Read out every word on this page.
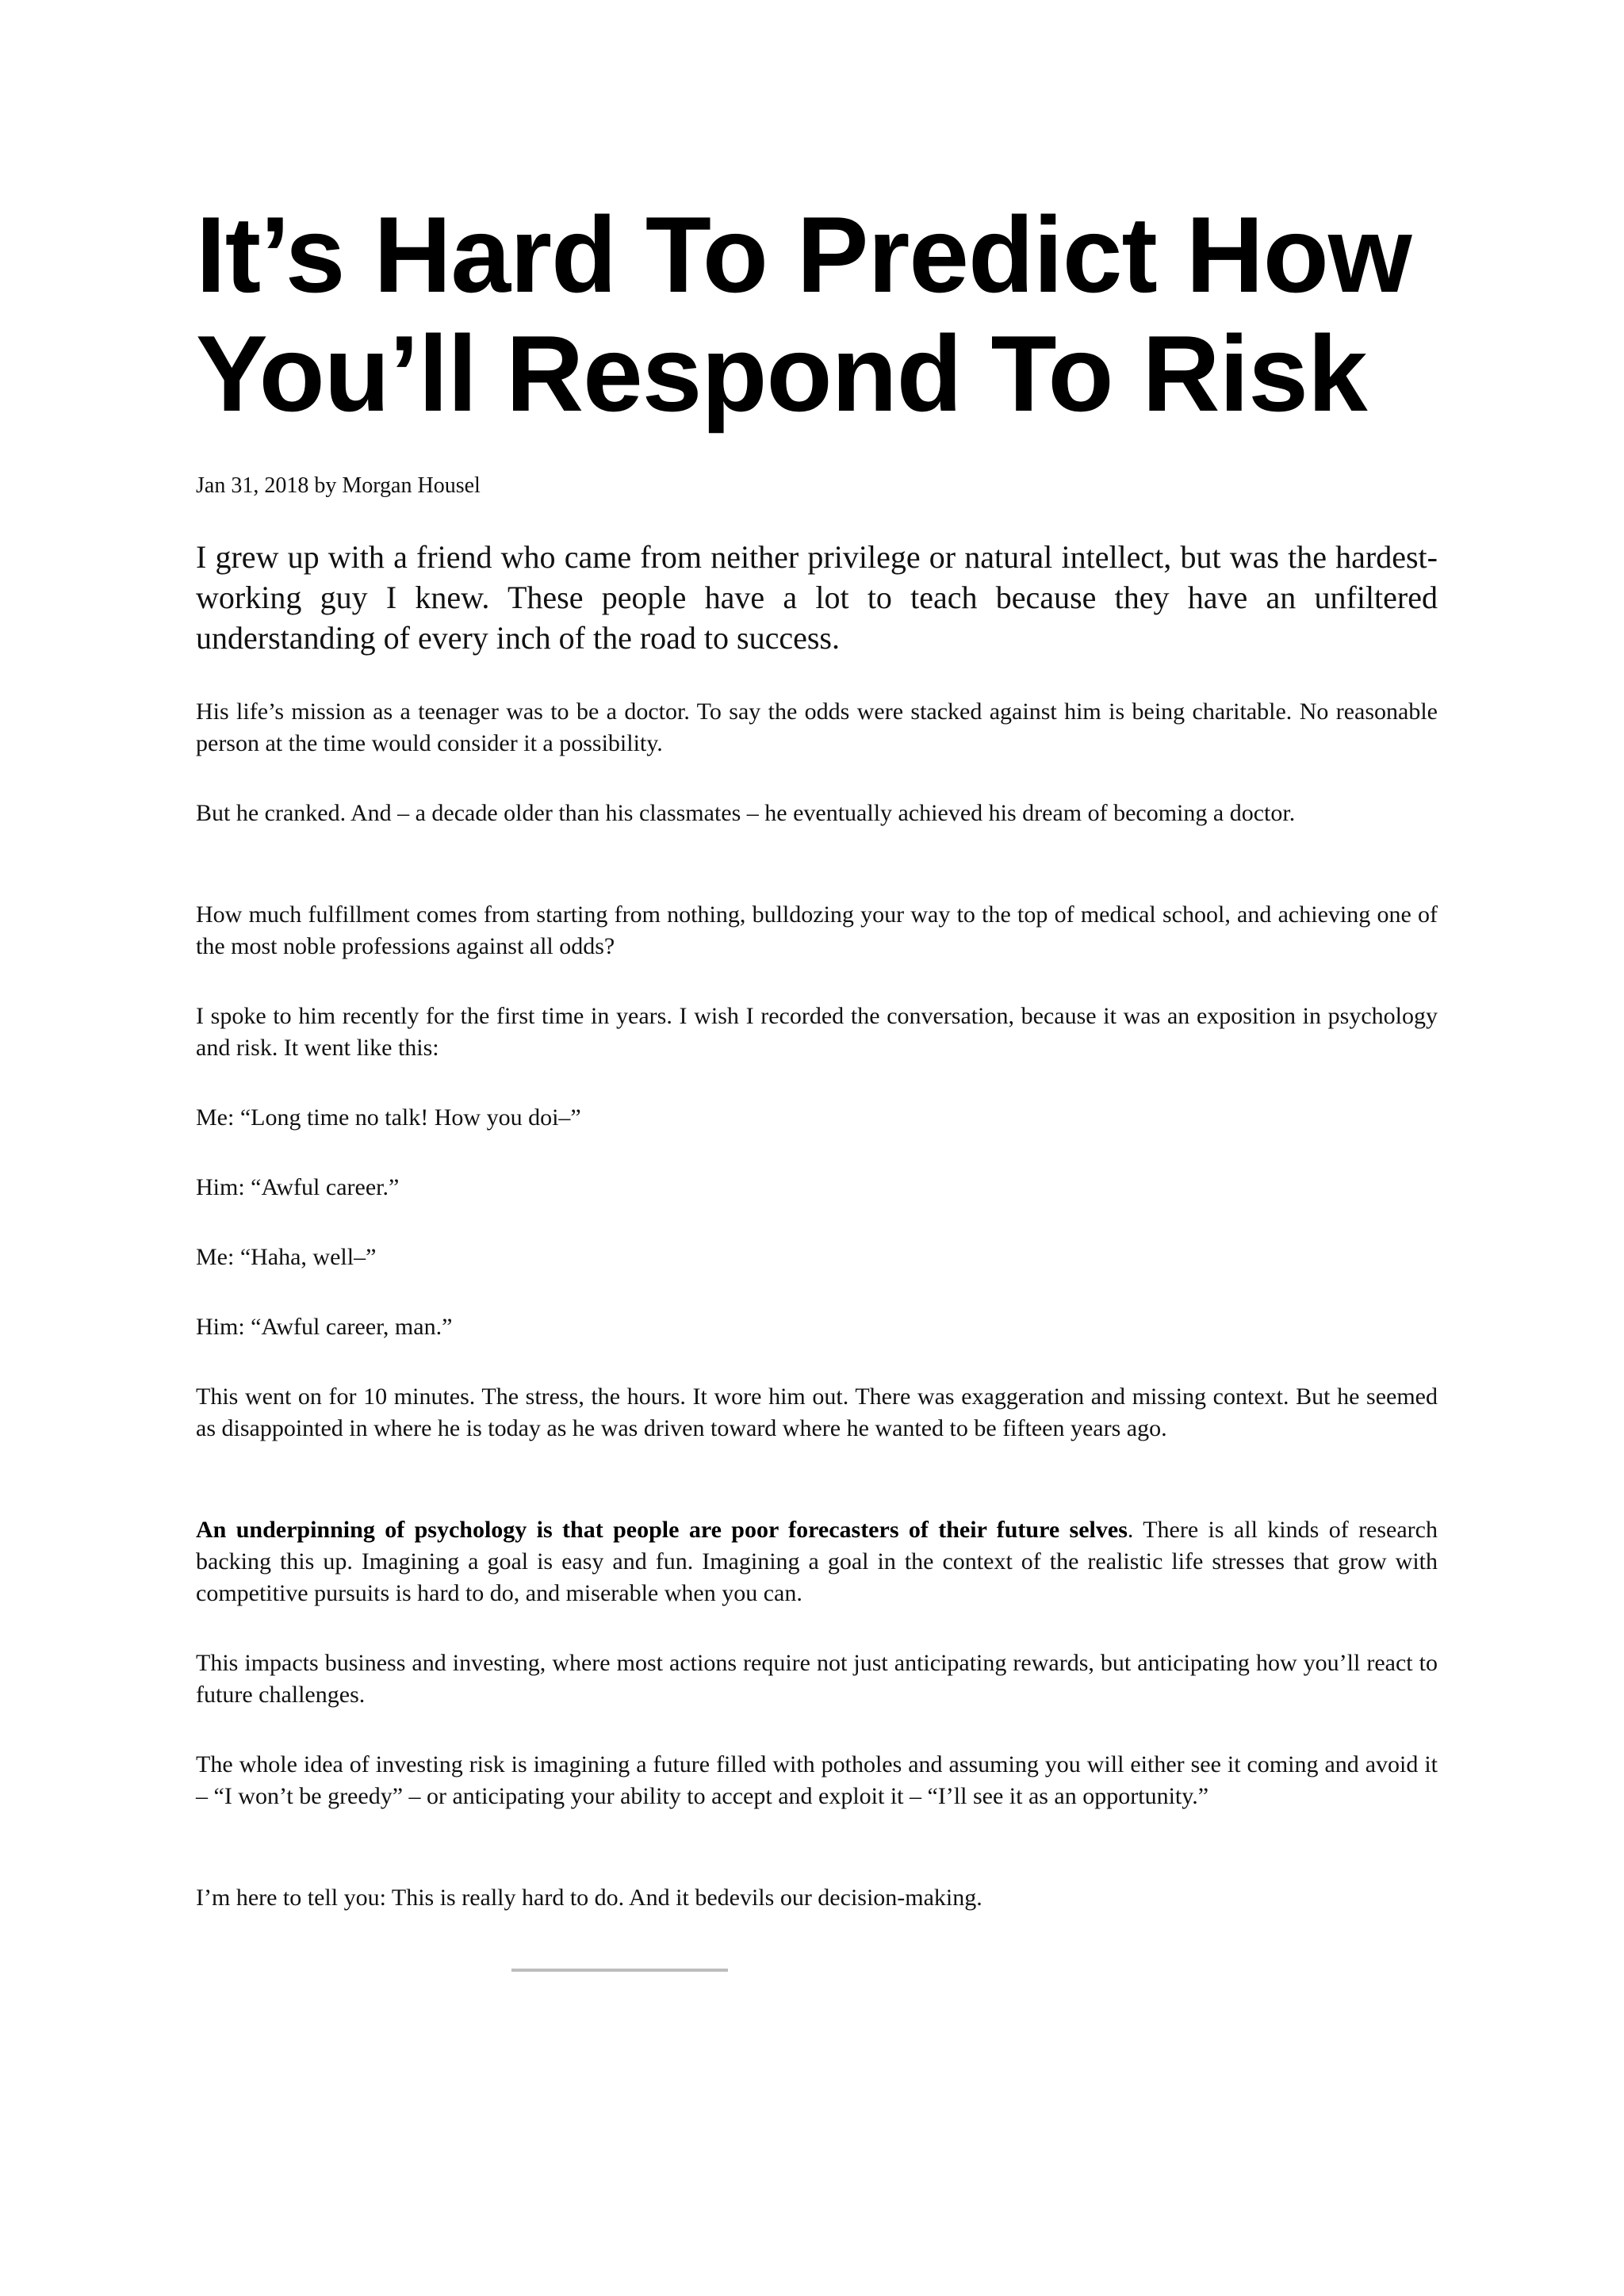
It’s Hard To Predict How
You’ll Respond To Risk

Jan 31, 2018 by Morgan Housel

I grew up with a friend who came from neither privilege or natural intellect, but was the hardest-working guy I knew. These people have a lot to teach because they have an unfiltered understanding of every inch of the road to success.

His life’s mission as a teenager was to be a doctor. To say the odds were stacked against him is being charitable. No reasonable person at the time would consider it a possibility.

But he cranked. And – a decade older than his classmates – he eventually achieved his dream of becoming a doctor.

How much fulfillment comes from starting from nothing, bulldozing your way to the top of medical school, and achieving one of the most noble professions against all odds?

I spoke to him recently for the first time in years. I wish I recorded the conversation, because it was an exposition in psychology and risk. It went like this:

Me: “Long time no talk! How you doi–”

Him: “Awful career.”

Me: “Haha, well–”

Him: “Awful career, man.”

This went on for 10 minutes. The stress, the hours. It wore him out. There was exaggeration and missing context. But he seemed as disappointed in where he is today as he was driven toward where he wanted to be fifteen years ago.

An underpinning of psychology is that people are poor forecasters of their future selves. There is all kinds of research backing this up. Imagining a goal is easy and fun. Imagining a goal in the context of the realistic life stresses that grow with competitive pursuits is hard to do, and miserable when you can.

This impacts business and investing, where most actions require not just anticipating rewards, but anticipating how you’ll react to future challenges.

The whole idea of investing risk is imagining a future filled with potholes and assuming you will either see it coming and avoid it – “I won’t be greedy” – or anticipating your ability to accept and exploit it – “I’ll see it as an opportunity.”

I’m here to tell you: This is really hard to do. And it bedevils our decision-making.
